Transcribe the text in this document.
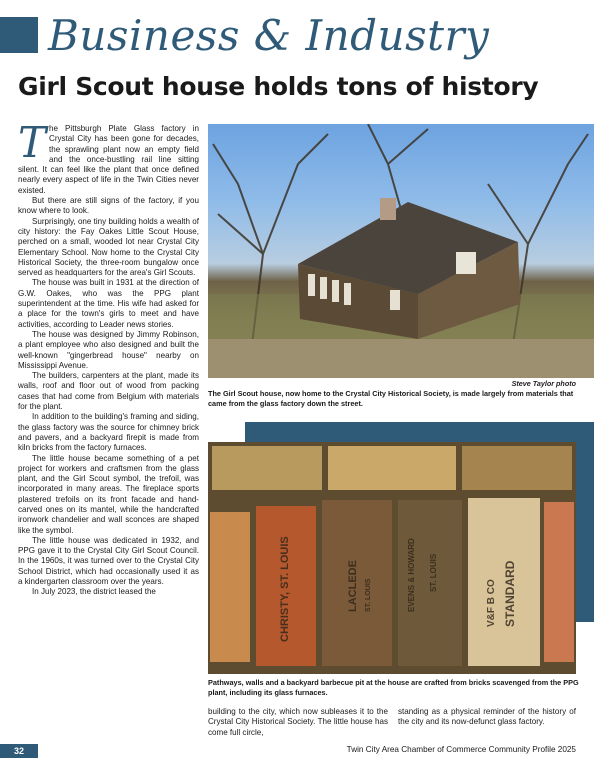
Business & Industry
Girl Scout house holds tons of history

The Pittsburgh Plate Glass factory in Crystal City has been gone for decades, the sprawling plant now an empty field and the once-bustling rail line sitting silent. It can feel like the plant that once defined nearly every aspect of life in the Twin Cities never existed.

But there are still signs of the factory, if you know where to look.

Surprisingly, one tiny building holds a wealth of city history: the Fay Oakes Little Scout House, perched on a small, wooded lot near Crystal City Elementary School. Now home to the Crystal City Historical Society, the three-room bungalow once served as headquarters for the area's Girl Scouts.

The house was built in 1931 at the direction of G.W. Oakes, who was the PPG plant superintendent at the time. His wife had asked for a place for the town's girls to meet and have activities, according to Leader news stories.

The house was designed by Jimmy Robinson, a plant employee who also designed and built the well-known "gingerbread house" nearby on Mississippi Avenue.

The builders, carpenters at the plant, made its walls, roof and floor out of wood from packing cases that had come from Belgium with materials for the plant.

In addition to the building's framing and siding, the glass factory was the source for chimney brick and pavers, and a backyard firepit is made from kiln bricks from the factory furnaces.

The little house became something of a pet project for workers and craftsmen from the glass plant, and the Girl Scout symbol, the trefoil, was incorporated in many areas. The fireplace sports plastered trefoils on its front facade and hand-carved ones on its mantel, while the handcrafted ironwork chandelier and wall sconces are shaped like the symbol.

The little house was dedicated in 1932, and PPG gave it to the Crystal City Girl Scout Council. In the 1960s, it was turned over to the Crystal City School District, which had occasionally used it as a kindergarten classroom over the years.

In July 2023, the district leased the

Steve Taylor photo
The Girl Scout house, now home to the Crystal City Historical Society, is made largely from materials that came from the glass factory down the street.
CHRISTY, ST. LOUIS	LACLEDE ST. LOUIS	EVENS & HOWARD ST. LOUIS
V&F B CO STANDARD
Pathways, walls and a backyard barbecue pit at the house are crafted from bricks scavenged from the PPG plant, including its glass furnaces.

building to the city, which now subleases it to the Crystal City Historical Society. The little house has come full circle,

standing as a physical reminder of the history of the city and its now-defunct glass factory.

32	Twin City Area Chamber of Commerce Community Profile 2025
